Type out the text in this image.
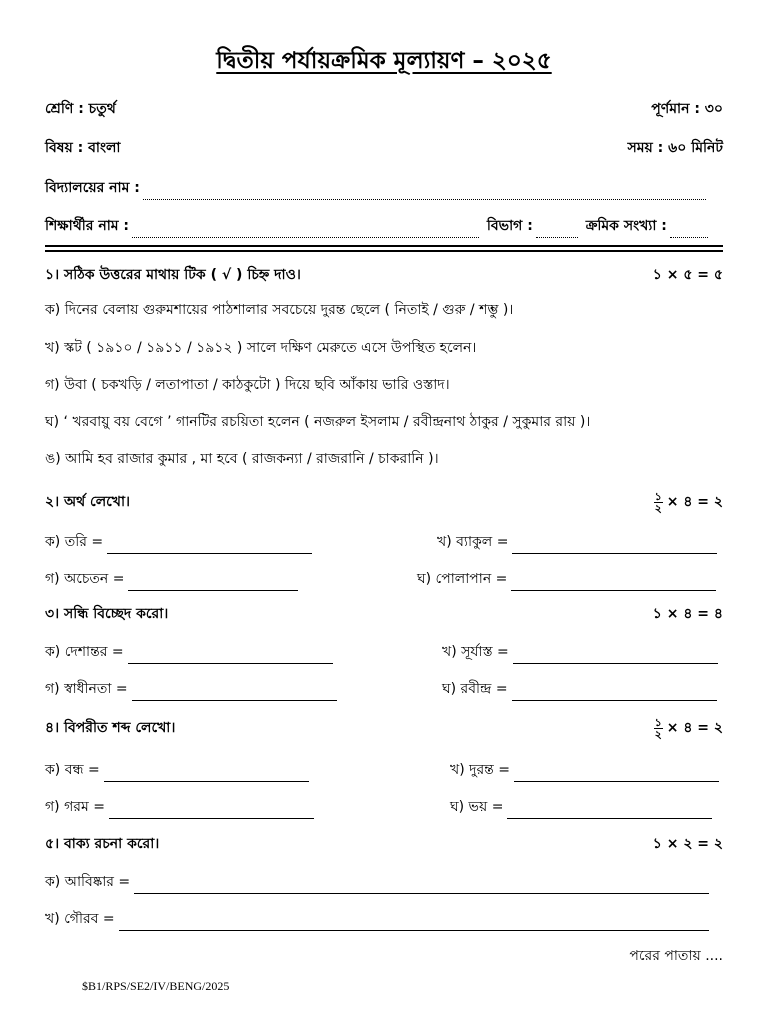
দ্বিতীয় পর্যায়ক্রমিক মূল্যায়ণ – ২০২৫
শ্রেণি : চতুর্থ	পূর্ণমান : ৩০
বিষয় : বাংলা	সময় : ৬০ মিনিট
বিদ্যালয়ের নাম :
শিক্ষার্থীর নাম :	বিভাগ :	ক্রমিক সংখ্যা :
১। সঠিক উত্তরের মাথায় টিক ( √ ) চিহ্ন দাও।	১ × ৫ = ৫
ক) দিনের বেলায় গুরুমশায়ের পাঠশালার সবচেয়ে দুরন্ত ছেলে ( নিতাই / গুরু / শম্ভু )।
খ) স্কট ( ১৯১০ / ১৯১১ / ১৯১২ ) সালে দক্ষিণ মেরুতে এসে উপস্থিত হলেন।
গ) উবা ( চকখড়ি / লতাপাতা / কাঠকুটো ) দিয়ে ছবি আঁকায় ভারি ওস্তাদ।
ঘ) ‘ খরবায়ু বয় বেগে ’ গানটির রচয়িতা হলেন ( নজরুল ইসলাম / রবীন্দ্রনাথ ঠাকুর / সুকুমার রায় )।
ঙ) আমি হব রাজার কুমার , মা হবে ( রাজকন্যা / রাজরানি / চাকরানি )।
২। অর্থ লেখো।	$\frac{১}{২}$ × ৪ = ২
ক) তরি =	খ) ব্যাকুল =
গ) অচেতন =	ঘ) পোলাপান =
৩। সন্ধি বিচ্ছেদ করো।	১ × ৪ = ৪
ক) দেশান্তর =	খ) সূর্যাস্ত =
গ) স্বাধীনতা =	ঘ) রবীন্দ্র =
৪। বিপরীত শব্দ লেখো।	$\frac{১}{২}$ × ৪ = ২
ক) বন্ধ =	খ) দুরন্ত =
গ) গরম =	ঘ) ভয় =
৫। বাক্য রচনা করো।	১ × ২ = ২
ক) আবিষ্কার =
খ) গৌরব =
পরের পাতায় ....
$B1/RPS/SE2/IV/BENG/2025
